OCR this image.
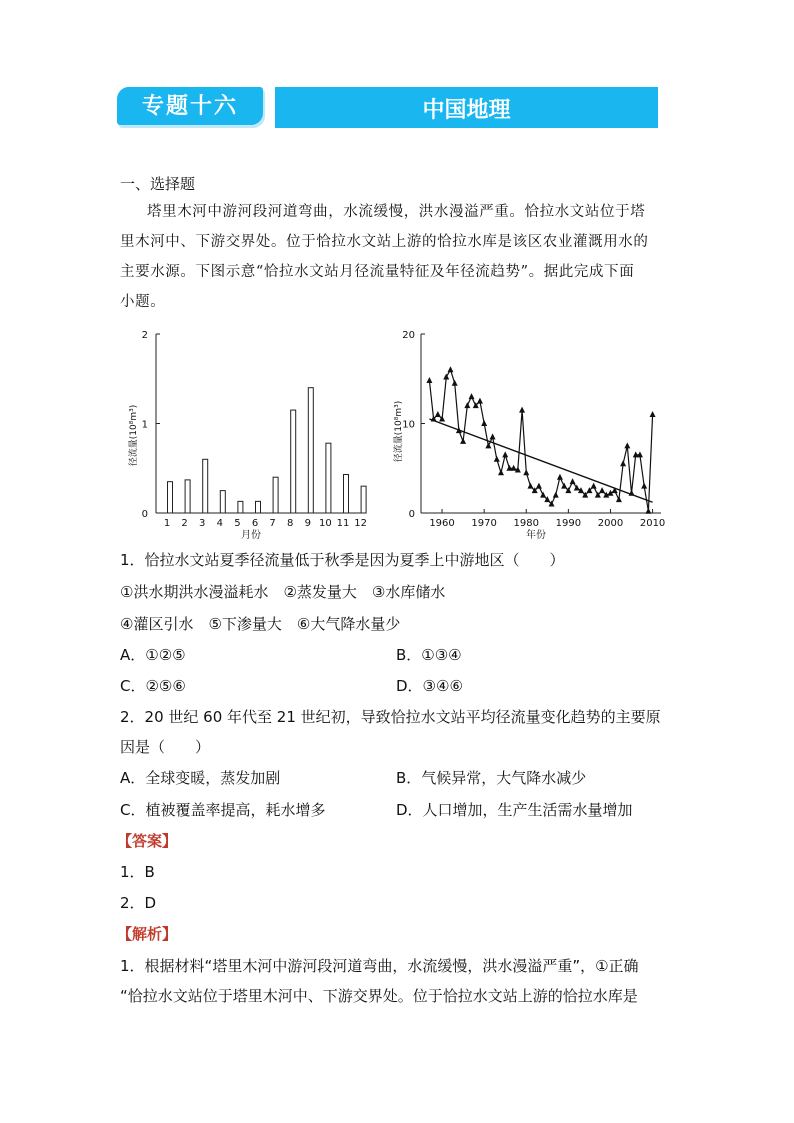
专题十六	中国地理
一、选择题
塔里木河中游河段河道弯曲，水流缓慢，洪水漫溢严重。恰拉水文站位于塔
里木河中、下游交界处。位于恰拉水文站上游的恰拉水库是该区农业灌溉用水的
主要水源。下图示意“恰拉水文站月径流量特征及年径流趋势”。据此完成下面
小题。
0
1
2
1 2 3 4 5 6 7 8 9 10 11 12
月份
径流量(10⁸m³)
0
10
20
1960 1970 1980 1990 2000 2010
年份
径流量(10⁸m³)
1．恰拉水文站夏季径流量低于秋季是因为夏季上中游地区（　　）
①洪水期洪水漫溢耗水　②蒸发量大　③水库储水
④灌区引水　⑤下渗量大　⑥大气降水量少
A．①②⑤	B．①③④
C．②⑤⑥	D．③④⑥
2．20 世纪 60 年代至 21 世纪初，导致恰拉水文站平均径流量变化趋势的主要原
因是（　　）
A．全球变暖，蒸发加剧	B．气候异常，大气降水减少
C．植被覆盖率提高，耗水增多	D．人口增加，生产生活需水量增加
【答案】
1．B
2．D
【解析】
1．根据材料“塔里木河中游河段河道弯曲，水流缓慢，洪水漫溢严重”，①正确
“恰拉水文站位于塔里木河中、下游交界处。位于恰拉水文站上游的恰拉水库是
